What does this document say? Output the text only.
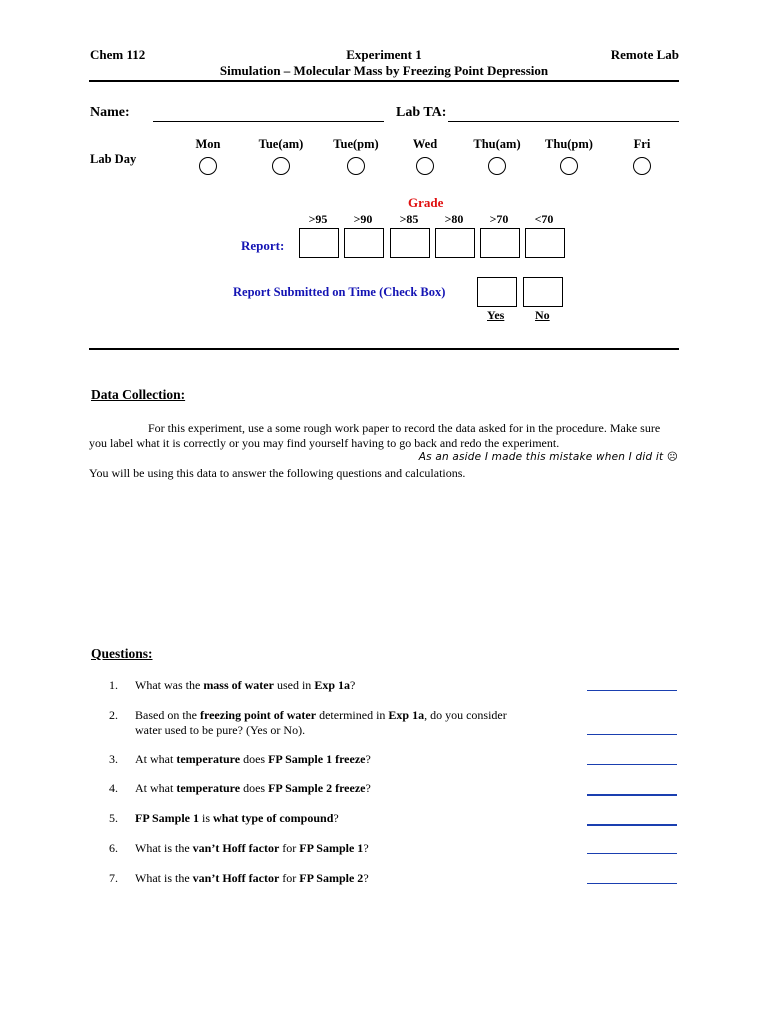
Chem 112	Experiment 1	Remote Lab
Simulation – Molecular Mass by Freezing Point Depression
Name:	Lab TA:
Lab Day
Mon	Tue(am)	Tue(pm)	Wed	Thu(am)	Thu(pm)	Fri
Grade
>95	>90	>85	>80	>70	<70
Report:
Report Submitted on Time (Check Box)
Yes	No
Data Collection:
For this experiment, use a some rough work paper to record the data asked for in the procedure. Make sure
you label what it is correctly or you may find yourself having to go back and redo the experiment.
As an aside I made this mistake when I did it ☹
You will be using this data to answer the following questions and calculations.
Questions:
1. What was the mass of water used in Exp 1a?
2. Based on the freezing point of water determined in Exp 1a, do you consider water used to be pure? (Yes or No).
3. At what temperature does FP Sample 1 freeze?
4. At what temperature does FP Sample 2 freeze?
5. FP Sample 1 is what type of compound?
6. What is the van’t Hoff factor for FP Sample 1?
7. What is the van’t Hoff factor for FP Sample 2?
